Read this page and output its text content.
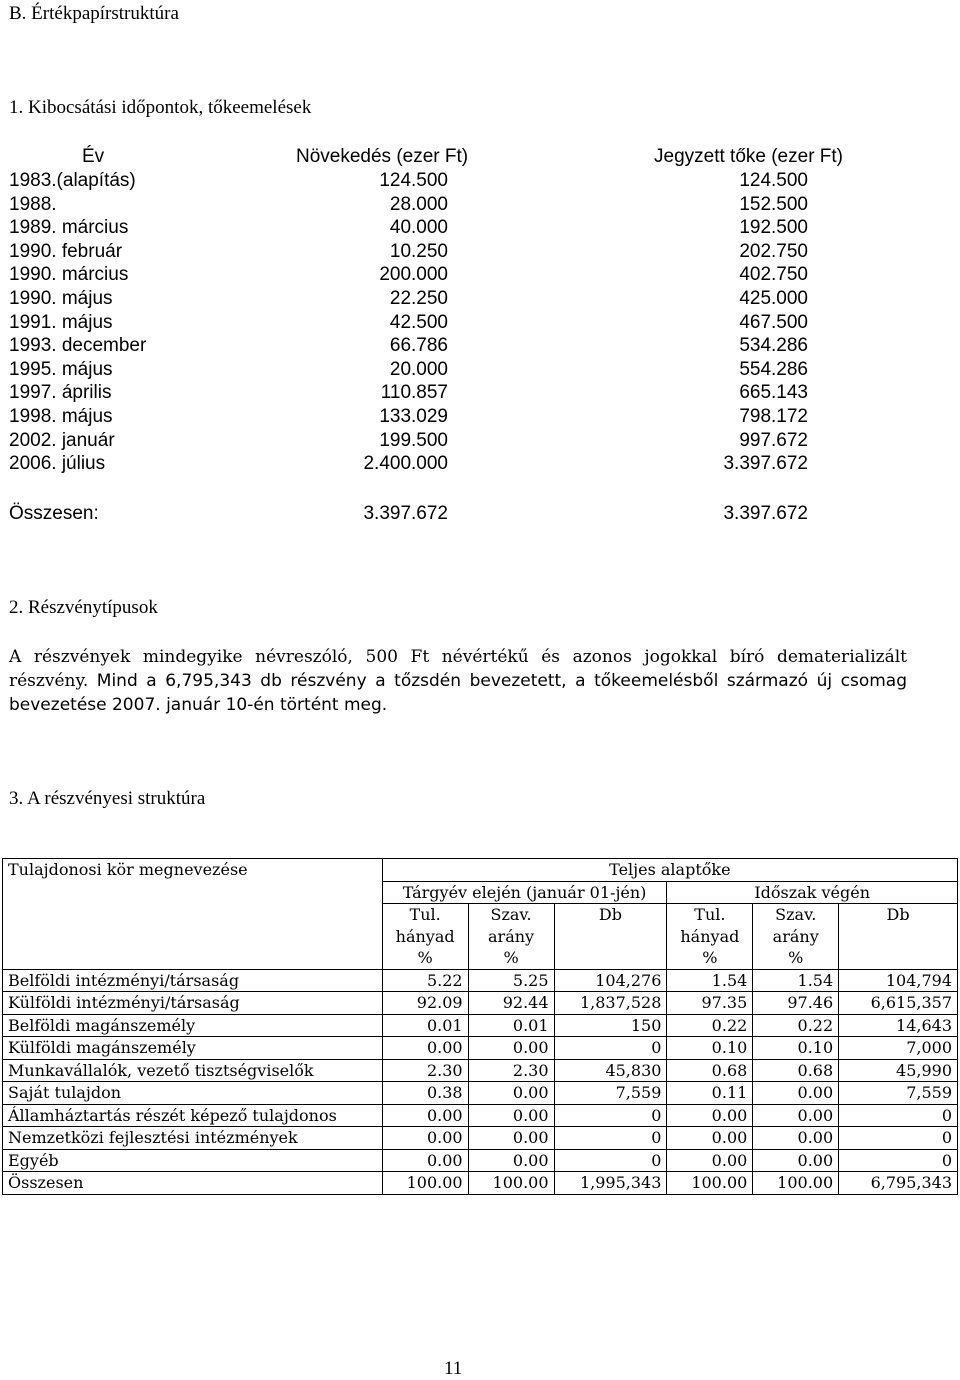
B. Értékpapírstruktúra
1. Kibocsátási időpontok, tőkeemelések
Év	Növekedés (ezer Ft)	Jegyzett tőke (ezer Ft)
1983.(alapítás)	124.500	124.500
1988.	28.000	152.500
1989. március	40.000	192.500
1990. február	10.250	202.750
1990. március	200.000	402.750
1990. május	22.250	425.000
1991. május	42.500	467.500
1993. december	66.786	534.286
1995. május	20.000	554.286
1997. április	110.857	665.143
1998. május	133.029	798.172
2002. január	199.500	997.672
2006. július	2.400.000	3.397.672
Összesen:	3.397.672	3.397.672
2. Részvénytípusok

A részvények mindegyike névreszóló, 500 Ft névértékű és azonos jogokkal bíró dematerializált részvény. Mind a 6,795,343 db részvény a tőzsdén bevezetett, a tőkeemelésből származó új csomag bevezetése 2007. január 10-én történt meg.

3. A részvényesi struktúra
Tulajdonosi kör megnevezése	Teljes alaptőke					
	Tárgyév elején (január 01-jén)			Időszak végén		
	Tul.
hányad
%	Szav.
arány
%	Db	Tul.
hányad
%	Szav.
arány
%	Db
Belföldi intézményi/társaság	5.22	5.25	104,276	1.54	1.54	104,794
Külföldi intézményi/társaság	92.09	92.44	1,837,528	97.35	97.46	6,615,357
Belföldi magánszemély	0.01	0.01	150	0.22	0.22	14,643
Külföldi magánszemély	0.00	0.00	0	0.10	0.10	7,000
Munkavállalók, vezető tisztségviselők	2.30	2.30	45,830	0.68	0.68	45,990
Saját tulajdon	0.38	0.00	7,559	0.11	0.00	7,559
Államháztartás részét képező tulajdonos	0.00	0.00	0	0.00	0.00	0
Nemzetközi fejlesztési intézmények	0.00	0.00	0	0.00	0.00	0
Egyéb	0.00	0.00	0	0.00	0.00	0
Összesen	100.00	100.00	1,995,343	100.00	100.00	6,795,343
11
